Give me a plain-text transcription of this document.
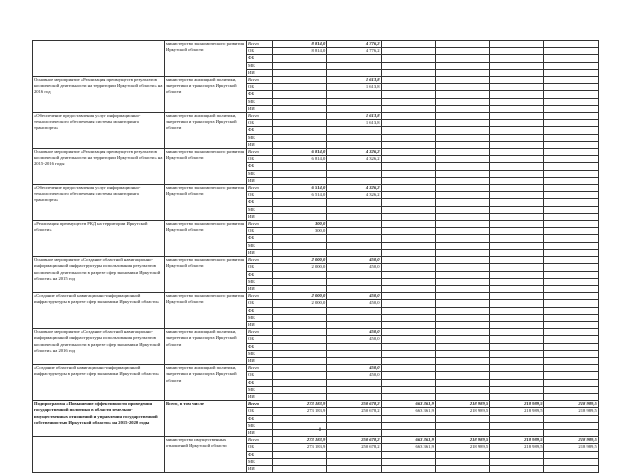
	министерство экономического развития Иркутской области	Всего	8 814,0	4 776,2				
		ОБ	8 814,0	4 776,2				
		ФБ						
		МБ						
		ИИ						
Основное мероприятие «Реализация преимуществ результатов космической деятельности на территории Иркутской области» на 2016 год	министерство жилищной политики, энергетики и транспорта Иркутской области	Всего		1 613,8				
		ОБ		1 613,8				
		ФБ						
		МБ						
		ИИ						
«Обеспечение предоставления услуг информационно-технологического обеспечения системы мониторинга транспорта»	министерство жилищной политики, энергетики и транспорта Иркутской области	Всего		1 613,8				
		ОБ		1 613,8				
		ФБ						
		МБ						
		ИИ						
Основное мероприятие «Реализация преимуществ результатов космической деятельности на территории Иркутской области» на 2015-2016 годы	министерство экономического развития Иркутской области	Всего	6 814,0	4 326,2				
		ОБ	6 814,0	4 326,2				
		ФБ						
		МБ						
		ИИ						
«Обеспечение предоставления услуг информационно-технологического обеспечения системы мониторинга транспорта»	министерство экономического развития Иркутской области	Всего	6 514,0	4 326,2				
		ОБ	6 514,0	4 326,2				
		ФБ						
		МБ						
		ИИ						
«Реализация преимуществ РКД на территории Иркутской области»	министерство экономического развития Иркутской области	Всего	300,0					
		ОБ	300,0					
		ФБ						
		МБ						
		ИИ						
Основное мероприятие «Создание областной навигационно-информационной инфраструктуры использования результатов космической деятельности в разрезе сфер экономики Иркутской области» на 2015 год	министерство экономического развития Иркутской области	Всего	2 000,0	450,0				
		ОБ	2 000,0	450,0				
		ФБ						
		МБ						
		ИИ						
«Создание областной навигационно-информационной инфраструктуры в разрезе сфер экономики Иркутской области»	министерство экономического развития Иркутской области	Всего	2 000,0	450,0				
		ОБ	2 000,0	450,0				
		ФБ						
		МБ						
		ИИ						
Основное мероприятие «Создание областной навигационно-информационной инфраструктуры использования результатов космической деятельности в разрезе сфер экономики Иркутской области» на 2016 год	министерство жилищной политики, энергетики и транспорта Иркутской области	Всего		450,0				
		ОБ		450,0				
		ФБ						
		МБ						
		ИИ						
«Создание областной навигационно-информационной инфраструктуры в разрезе сфер экономики Иркутской области»	министерство жилищной политики, энергетики и транспорта Иркутской области	Всего		450,0				
		ОБ		450,0				
		ФБ						
		МБ						
		ИИ						
Подпрограмма «Повышение эффективности проведения государственной политики в области земельно-имущественных отношений и управления государственной собственностью Иркутской области» на 2015-2020 годы	Всего, в том числе	Всего	273 183,9	250 678,2	663 361,9	218 989,5	218 989,5	218 989,5
		ОБ	273 183,9	250 678,2	663 361,9	218 989,5	218 989,5	218 989,5
		ФБ						
		МБ						
		ИИ						
	министерство имущественных отношений Иркутской области	Всего	273 183,9	250 678,2	663 361,9	218 989,5	218 989,5	218 989,5
		ОБ	273 183,9	250 678,2	663 361,9	218 989,5	218 989,5	218 989,5
		ФБ						
		МБ						
		ИИ						
8
